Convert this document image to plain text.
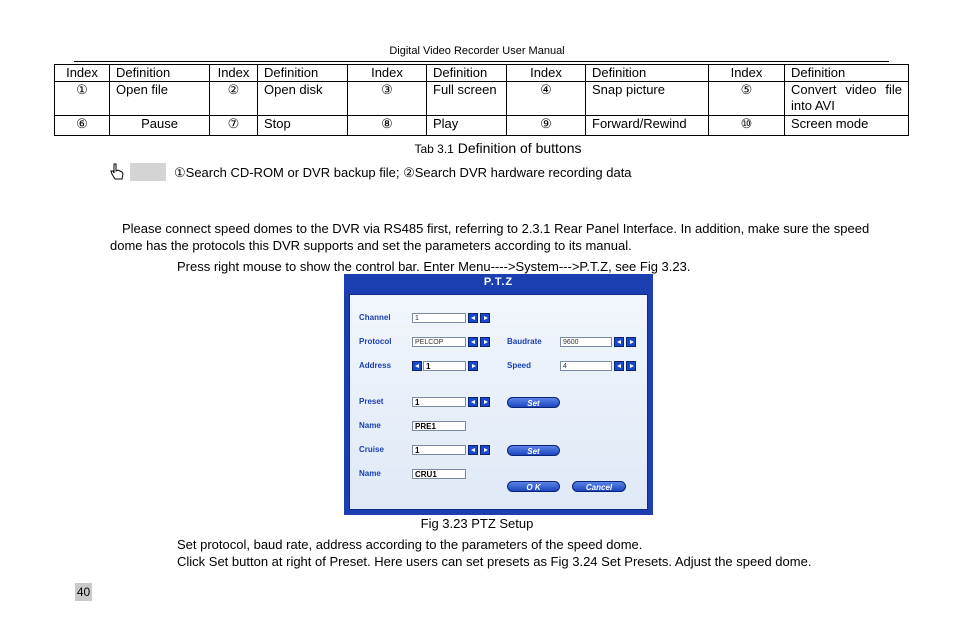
Digital Video Recorder User Manual
Index	Definition	Index	Definition	Index	Definition	Index	Definition	Index	Definition
①	Open file	②	Open disk	③	Full screen	④	Snap picture	⑤	Convert video file into AVI
⑥	Pause	⑦	Stop	⑧	Play	⑨	Forward/Rewind	⑩	Screen mode
Tab 3.1 Definition of buttons
①Search CD-ROM or DVR backup file; ②Search DVR hardware recording data
Please connect speed domes to the DVR via RS485 first, referring to 2.3.1 Rear Panel Interface. In addition, make sure the speed dome has the protocols this DVR supports and set the parameters according to its manual.
Press right mouse to show the control bar. Enter Menu---->System--->P.T.Z, see Fig 3.23.
P.T.Z
Channel	1
Protocol	PELCOP	Baudrate	9600
Address	1	Speed	4
Preset	1	Set
Name	PRE1
Cruise	1	Set
Name	CRU1
O K	Cancel
Fig 3.23 PTZ Setup
Set protocol, baud rate, address according to the parameters of the speed dome.
Click Set button at right of Preset. Here users can set presets as Fig 3.24 Set Presets. Adjust the speed dome.
40
